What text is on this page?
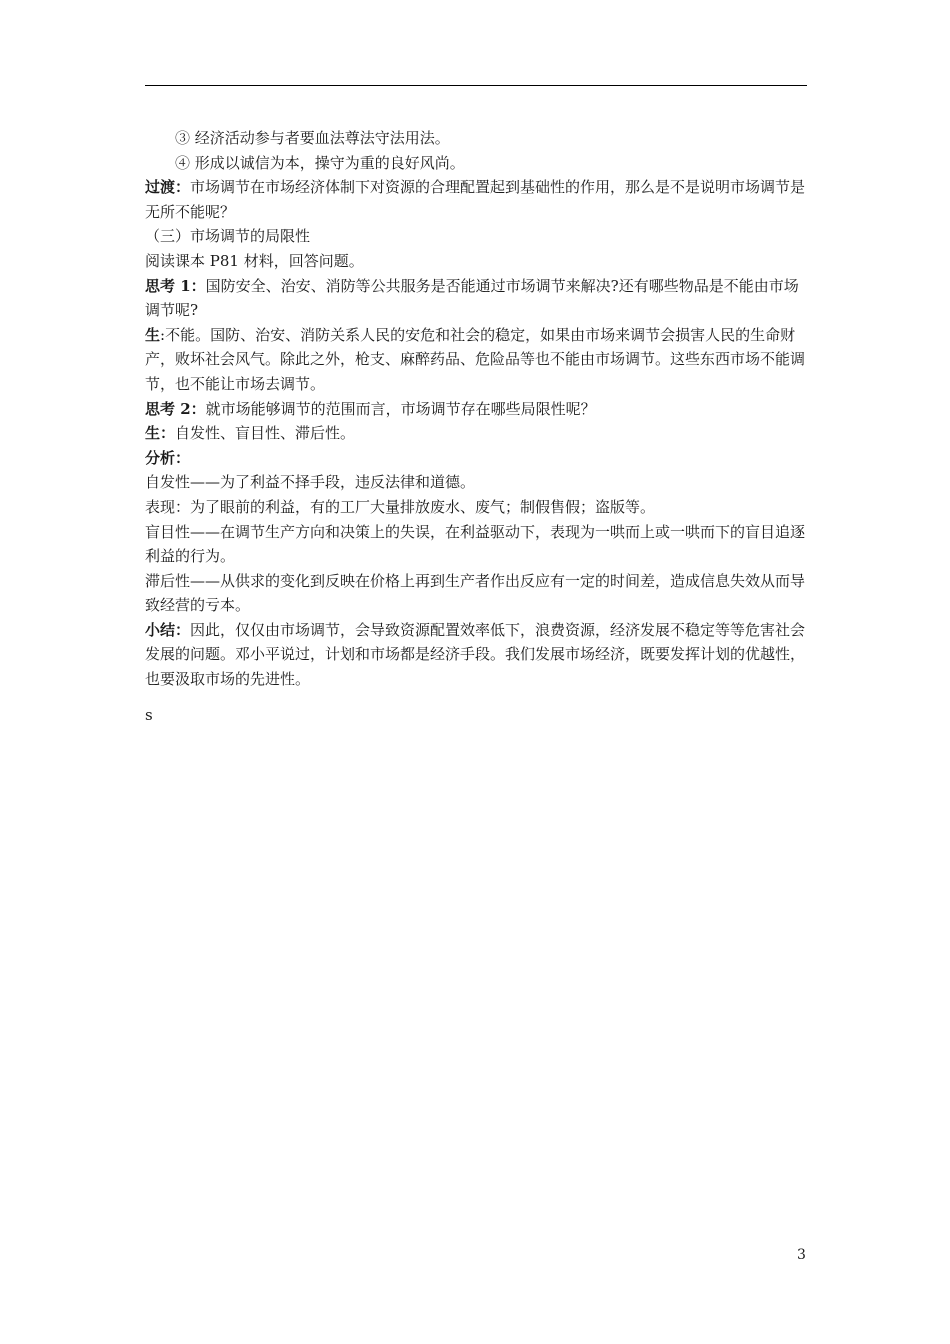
③ 经济活动参与者要血法尊法守法用法。

④ 形成以诚信为本，操守为重的良好风尚。

过渡：市场调节在市场经济体制下对资源的合理配置起到基础性的作用，那么是不是说明市场调节是无所不能呢？

（三）市场调节的局限性

阅读课本 P81 材料，回答问题。

思考 1：国防安全、治安、消防等公共服务是否能通过市场调节来解决?还有哪些物品是不能由市场调节呢?

生:不能。国防、治安、消防关系人民的安危和社会的稳定，如果由市场来调节会损害人民的生命财产，败坏社会风气。除此之外，枪支、麻醉药品、危险品等也不能由市场调节。这些东西市场不能调节，也不能让市场去调节。

思考 2：就市场能够调节的范围而言，市场调节存在哪些局限性呢？

生：自发性、盲目性、滞后性。

分析：

自发性——为了利益不择手段，违反法律和道德。

表现：为了眼前的利益，有的工厂大量排放废水、废气；制假售假；盗版等。

盲目性——在调节生产方向和决策上的失误，在利益驱动下，表现为一哄而上或一哄而下的盲目追逐利益的行为。

滞后性——从供求的变化到反映在价格上再到生产者作出反应有一定的时间差，造成信息失效从而导致经营的亏本。

小结：因此，仅仅由市场调节，会导致资源配置效率低下，浪费资源，经济发展不稳定等等危害社会发展的问题。邓小平说过，计划和市场都是经济手段。我们发展市场经济，既要发挥计划的优越性，也要汲取市场的先进性。

s
3
